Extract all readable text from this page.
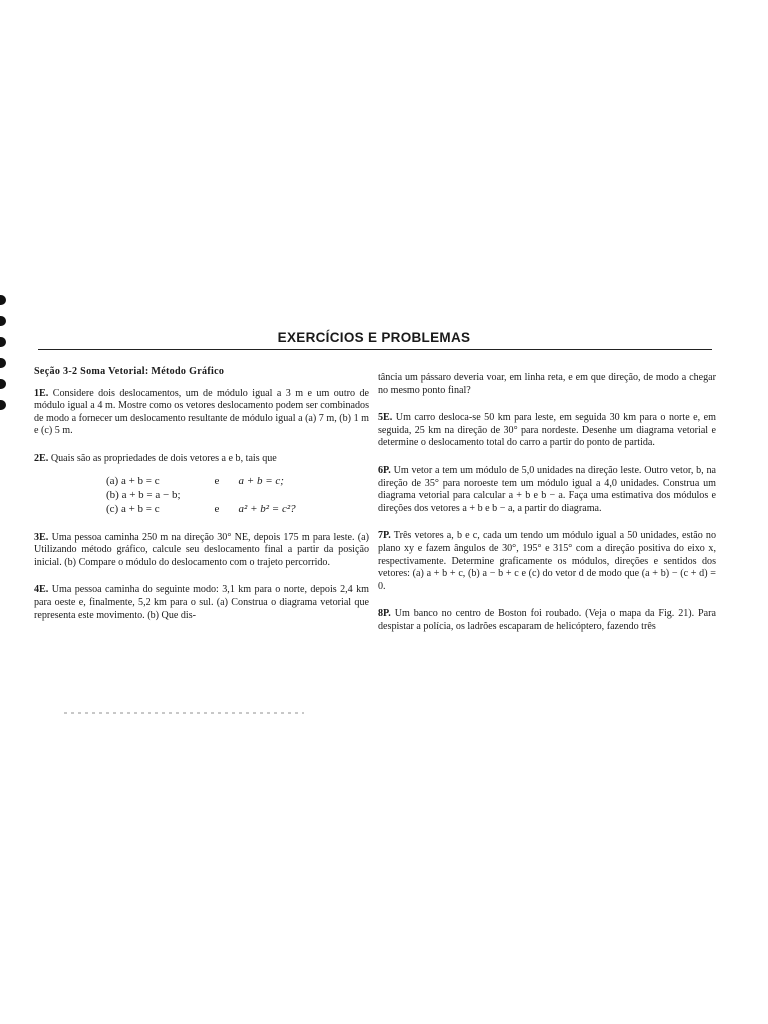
EXERCÍCIOS E PROBLEMAS

Seção 3-2 Soma Vetorial: Método Gráfico

1E. Considere dois deslocamentos, um de módulo igual a 3 m e um outro de módulo igual a 4 m. Mostre como os vetores deslocamento podem ser combinados de modo a fornecer um deslocamento resultante de módulo igual a (a) 7 m, (b) 1 m e (c) 5 m.

2E. Quais são as propriedades de dois vetores a e b, tais que

(a) a + b = c	e	a + b = c;
(b) a + b = a − b;		
(c) a + b = c	e	a² + b² = c²?

3E. Uma pessoa caminha 250 m na direção 30° NE, depois 175 m para leste. (a) Utilizando método gráfico, calcule seu deslocamento final a partir da posição inicial. (b) Compare o módulo do deslocamento com o trajeto percorrido.

4E. Uma pessoa caminha do seguinte modo: 3,1 km para o norte, depois 2,4 km para oeste e, finalmente, 5,2 km para o sul. (a) Construa o diagrama vetorial que representa este movimento. (b) Que dis-

tância um pássaro deveria voar, em linha reta, e em que direção, de modo a chegar no mesmo ponto final?

5E. Um carro desloca-se 50 km para leste, em seguida 30 km para o norte e, em seguida, 25 km na direção de 30° para nordeste. Desenhe um diagrama vetorial e determine o deslocamento total do carro a partir do ponto de partida.

6P. Um vetor a tem um módulo de 5,0 unidades na direção leste. Outro vetor, b, na direção de 35° para noroeste tem um módulo igual a 4,0 unidades. Construa um diagrama vetorial para calcular a + b e b − a. Faça uma estimativa dos módulos e direções dos vetores a + b e b − a, a partir do diagrama.

7P. Três vetores a, b e c, cada um tendo um módulo igual a 50 unidades, estão no plano xy e fazem ângulos de 30°, 195° e 315° com a direção positiva do eixo x, respectivamente. Determine graficamente os módulos, direções e sentidos dos vetores: (a) a + b + c, (b) a − b + c e (c) do vetor d de modo que (a + b) − (c + d) = 0.

8P. Um banco no centro de Boston foi roubado. (Veja o mapa da Fig. 21). Para despistar a polícia, os ladrões escaparam de helicóptero, fazendo três
